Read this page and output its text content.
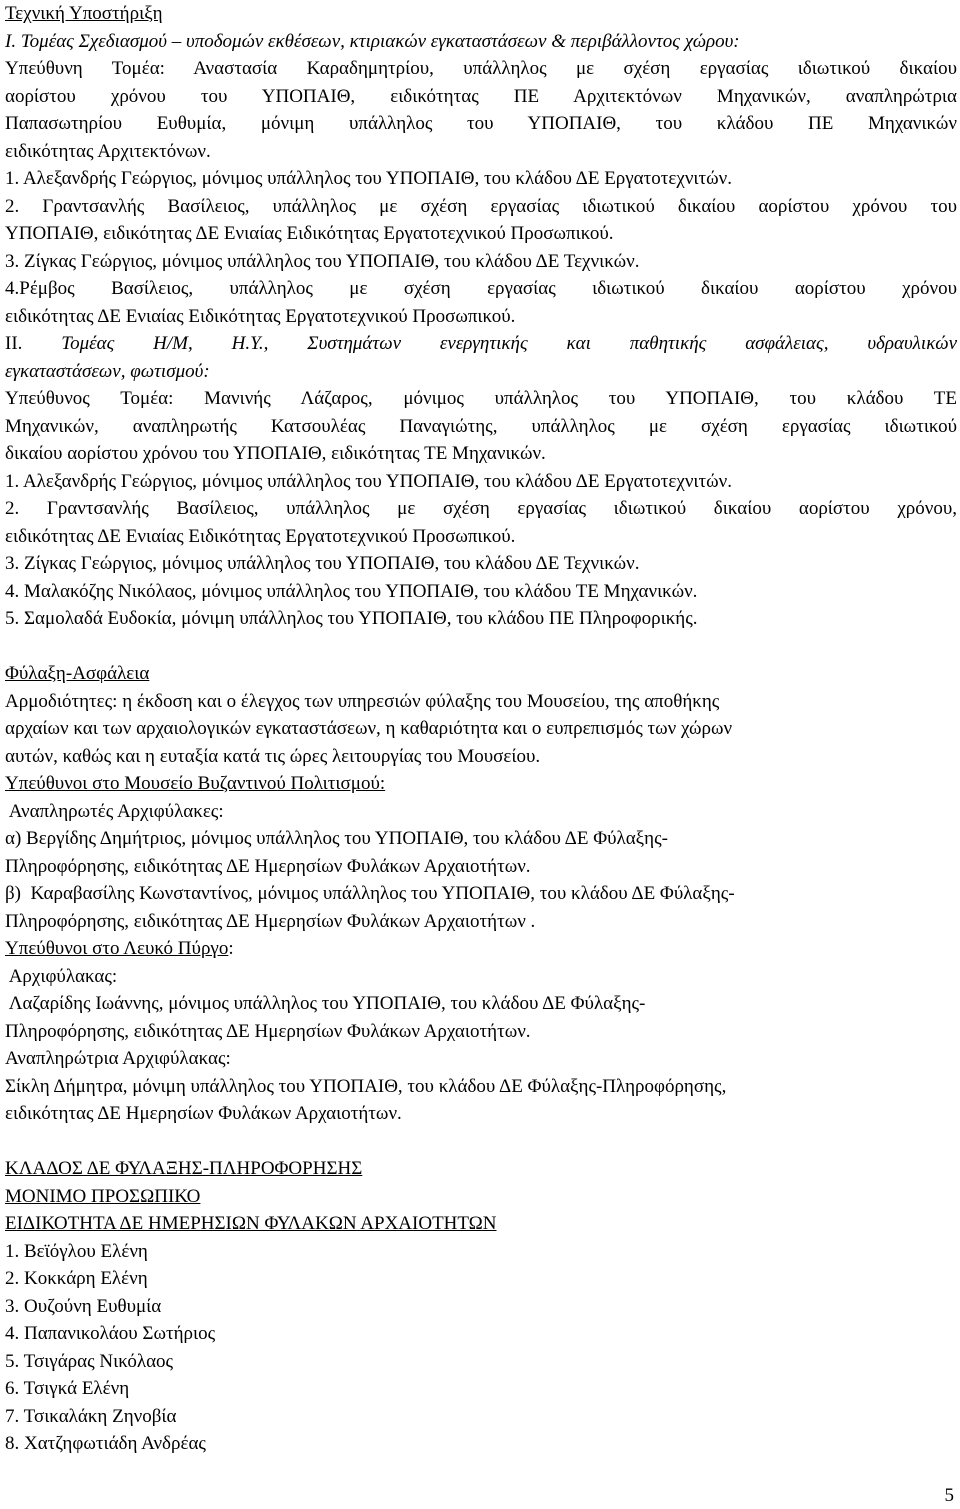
Τεχνική Υποστήριξη
Ι. Τομέας Σχεδιασμού – υποδομών εκθέσεων, κτιριακών εγκαταστάσεων & περιβάλλοντος χώρου:
Υπεύθυνη Τομέα: Αναστασία Καραδημητρίου, υπάλληλος με σχέση εργασίας ιδιωτικού δικαίου
αορίστου χρόνου του ΥΠΟΠΑΙΘ, ειδικότητας ΠΕ Αρχιτεκτόνων Μηχανικών, αναπληρώτρια
Παπασωτηρίου Ευθυμία, μόνιμη υπάλληλος του ΥΠΟΠΑΙΘ, του κλάδου ΠΕ Μηχανικών
ειδικότητας Αρχιτεκτόνων.
1. Αλεξανδρής Γεώργιος, μόνιμος υπάλληλος του ΥΠΟΠΑΙΘ, του κλάδου ΔΕ Εργατοτεχνιτών.
2. Γραντσανλής Βασίλειος, υπάλληλος με σχέση εργασίας ιδιωτικού δικαίου αορίστου χρόνου του
ΥΠΟΠΑΙΘ, ειδικότητας ΔΕ Ενιαίας Ειδικότητας Εργατοτεχνικού Προσωπικού.
3. Ζίγκας Γεώργιος, μόνιμος υπάλληλος του ΥΠΟΠΑΙΘ, του κλάδου ΔΕ Τεχνικών.
4.Ρέμβος Βασίλειος, υπάλληλος με σχέση εργασίας ιδιωτικού δικαίου αορίστου χρόνου
ειδικότητας ΔΕ Ενιαίας Ειδικότητας Εργατοτεχνικού Προσωπικού.
ΙΙ. Τομέας Η/Μ, Η.Υ., Συστημάτων ενεργητικής και παθητικής ασφάλειας, υδραυλικών
εγκαταστάσεων, φωτισμού:
Υπεύθυνος Τομέα: Μανινής Λάζαρος, μόνιμος υπάλληλος του ΥΠΟΠΑΙΘ, του κλάδου ΤΕ
Μηχανικών, αναπληρωτής Κατσουλέας Παναγιώτης, υπάλληλος με σχέση εργασίας ιδιωτικού
δικαίου αορίστου χρόνου του ΥΠΟΠΑΙΘ, ειδικότητας ΤΕ Μηχανικών.
1. Αλεξανδρής Γεώργιος, μόνιμος υπάλληλος του ΥΠΟΠΑΙΘ, του κλάδου ΔΕ Εργατοτεχνιτών.
2. Γραντσανλής Βασίλειος, υπάλληλος με σχέση εργασίας ιδιωτικού δικαίου αορίστου χρόνου,
ειδικότητας ΔΕ Ενιαίας Ειδικότητας Εργατοτεχνικού Προσωπικού.
3. Ζίγκας Γεώργιος, μόνιμος υπάλληλος του ΥΠΟΠΑΙΘ, του κλάδου ΔΕ Τεχνικών.
4. Μαλακόζης Νικόλαος, μόνιμος υπάλληλος του ΥΠΟΠΑΙΘ, του κλάδου ΤΕ Μηχανικών.
5. Σαμολαδά Ευδοκία, μόνιμη υπάλληλος του ΥΠΟΠΑΙΘ, του κλάδου ΠΕ Πληροφορικής.
Φύλαξη-Ασφάλεια
Αρμοδιότητες: η έκδοση και ο έλεγχος των υπηρεσιών φύλαξης του Μουσείου, της αποθήκης
αρχαίων και των αρχαιολογικών εγκαταστάσεων, η καθαριότητα και ο ευπρεπισμός των χώρων
αυτών, καθώς και η ευταξία κατά τις ώρες λειτουργίας του Μουσείου.
Υπεύθυνοι στο Μουσείο Βυζαντινού Πολιτισμού:
Αναπληρωτές Αρχιφύλακες:
α) Βεργίδης Δημήτριος, μόνιμος υπάλληλος του ΥΠΟΠΑΙΘ, του κλάδου ΔΕ Φύλαξης-
Πληροφόρησης, ειδικότητας ΔΕ Ημερησίων Φυλάκων Αρχαιοτήτων.
β)  Καραβασίλης Κωνσταντίνος, μόνιμος υπάλληλος του ΥΠΟΠΑΙΘ, του κλάδου ΔΕ Φύλαξης-
Πληροφόρησης, ειδικότητας ΔΕ Ημερησίων Φυλάκων Αρχαιοτήτων .
Υπεύθυνοι στο Λευκό Πύργο:
Αρχιφύλακας:
Λαζαρίδης Ιωάννης, μόνιμος υπάλληλος του ΥΠΟΠΑΙΘ, του κλάδου ΔΕ Φύλαξης-
Πληροφόρησης, ειδικότητας ΔΕ Ημερησίων Φυλάκων Αρχαιοτήτων.
Αναπληρώτρια Αρχιφύλακας:
Σίκλη Δήμητρα, μόνιμη υπάλληλος του ΥΠΟΠΑΙΘ, του κλάδου ΔΕ Φύλαξης-Πληροφόρησης,
ειδικότητας ΔΕ Ημερησίων Φυλάκων Αρχαιοτήτων.
ΚΛΑΔΟΣ ΔΕ ΦΥΛΑΞΗΣ-ΠΛΗΡΟΦΟΡΗΣΗΣ
ΜΟΝΙΜΟ ΠΡΟΣΩΠΙΚΟ
ΕΙΔΙΚΟΤΗΤΑ ΔΕ ΗΜΕΡΗΣΙΩΝ ΦΥΛΑΚΩΝ ΑΡΧΑΙΟΤΗΤΩΝ
1. Βεϊόγλου Ελένη
2. Κοκκάρη Ελένη
3. Ουζούνη Ευθυμία
4. Παπανικολάου Σωτήριος
5. Τσιγάρας Νικόλαος
6. Τσιγκά Ελένη
7. Τσικαλάκη Ζηνοβία
8. Χατζηφωτιάδη Ανδρέας
5
